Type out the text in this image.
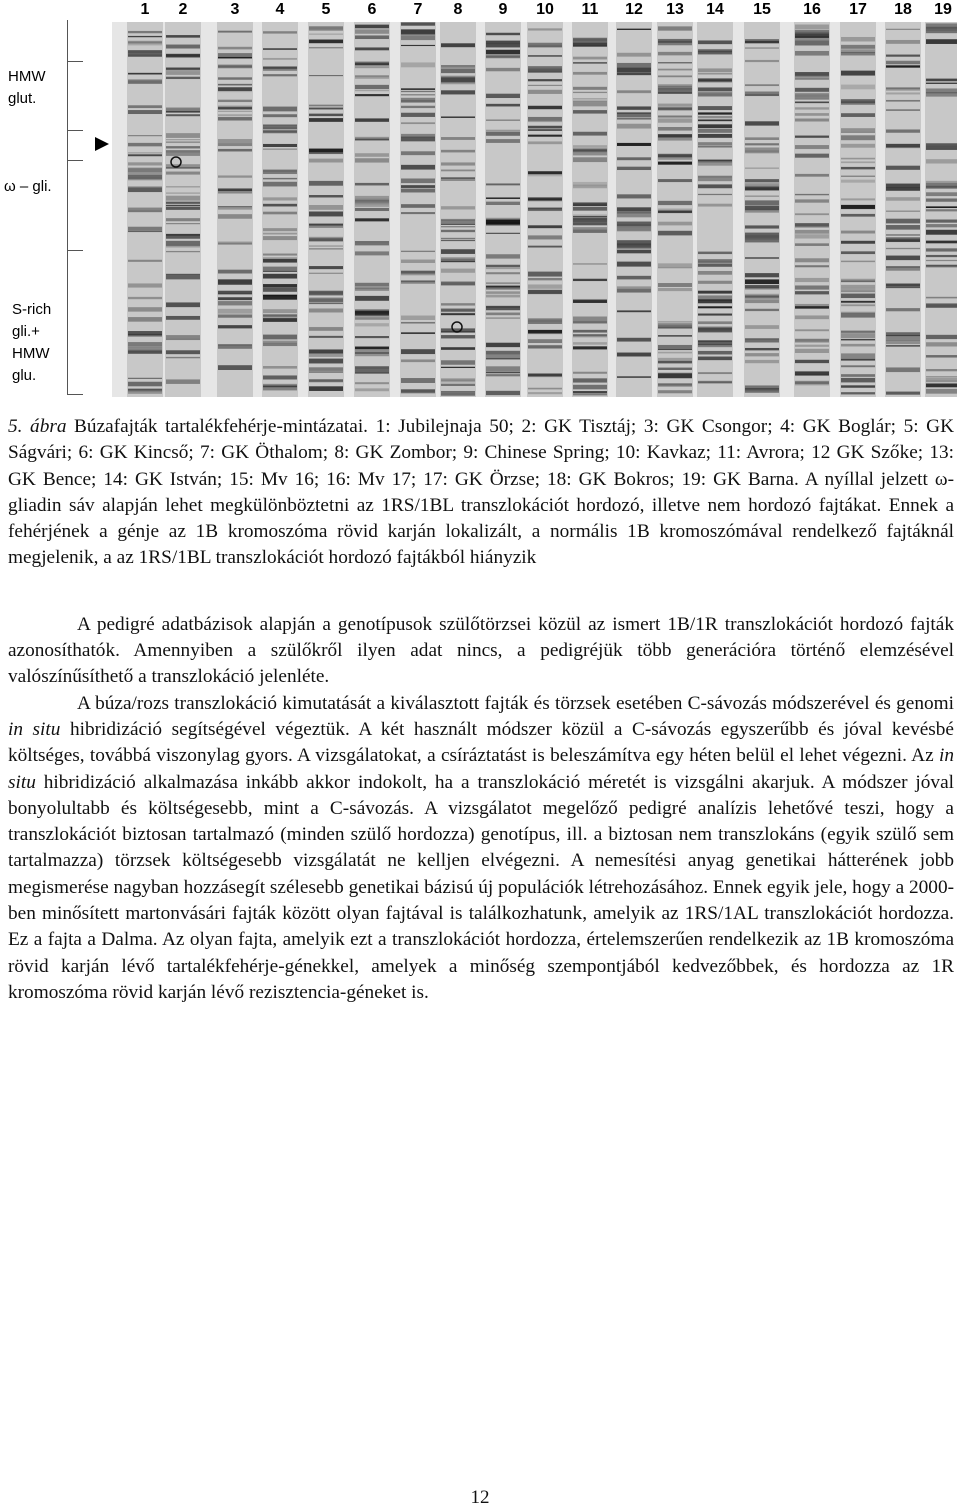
1	2	3	4	5	6	7	8	9	10	11	12	13	14	15	16	17	18	19
HMW
glut.
ω – gli.
S-rich
gli.+
HMW
glu.

5. ábra Búzafajták tartalékfehérje-mintázatai. 1: Jubilejnaja 50; 2: GK Tisztáj; 3: GK Csongor; 4: GK Boglár; 5: GK Ságvári; 6: GK Kincső; 7: GK Öthalom; 8: GK Zombor; 9: Chinese Spring; 10: Kavkaz; 11: Avrora; 12 GK Szőke; 13: GK Bence; 14: GK István; 15: Mv 16; 16: Mv 17; 17: GK Örzse; 18: GK Bokros; 19: GK Barna. A nyíllal jelzett ω-gliadin sáv alapján lehet megkülönböztetni az 1RS/1BL transzlokációt hordozó, illetve nem hordozó fajtákat. Ennek a fehérjének a génje az 1B kromoszóma rövid karján lokalizált, a normális 1B kromoszómával rendelkező fajtáknál megjelenik, a az 1RS/1BL transzlokációt hordozó fajtákból hiányzik

A pedigré adatbázisok alapján a genotípusok szülőtörzsei közül az ismert 1B/1R transzlokációt hordozó fajták azonosíthatók. Amennyiben a szülőkről ilyen adat nincs, a pedigréjük több generációra történő elemzésével valószínűsíthető a transzlokáció jelenléte.

A búza/rozs transzlokáció kimutatását a kiválasztott fajták és törzsek esetében C-sávozás módszerével és genomi in situ hibridizáció segítségével végeztük. A két használt módszer közül a C-sávozás egyszerűbb és jóval kevésbé költséges, továbbá viszonylag gyors. A vizsgálatokat, a csíráztatást is beleszámítva egy héten belül el lehet végezni. Az in situ hibridizáció alkalmazása inkább akkor indokolt, ha a transzlokáció méretét is vizsgálni akarjuk. A módszer jóval bonyolultabb és költségesebb, mint a C-sávozás. A vizsgálatot megelőző pedigré analízis lehetővé teszi, hogy a transzlokációt biztosan tartalmazó (minden szülő hordozza) genotípus, ill. a biztosan nem transzlokáns (egyik szülő sem tartalmazza) törzsek költségesebb vizsgálatát ne kelljen elvégezni. A nemesítési anyag genetikai hátterének jobb megismerése nagyban hozzásegít szélesebb genetikai bázisú új populációk létrehozásához. Ennek egyik jele, hogy a 2000-ben minősített martonvásári fajták között olyan fajtával is találkozhatunk, amelyik az 1RS/1AL transzlokációt hordozza. Ez a fajta a Dalma. Az olyan fajta, amelyik ezt a transzlokációt hordozza, értelemszerűen rendelkezik az 1B kromoszóma rövid karján lévő tartalékfehérje-génekkel, amelyek a minőség szempontjából kedvezőbbek, és hordozza az 1R kromoszóma rövid karján lévő rezisztencia-géneket is.

12
